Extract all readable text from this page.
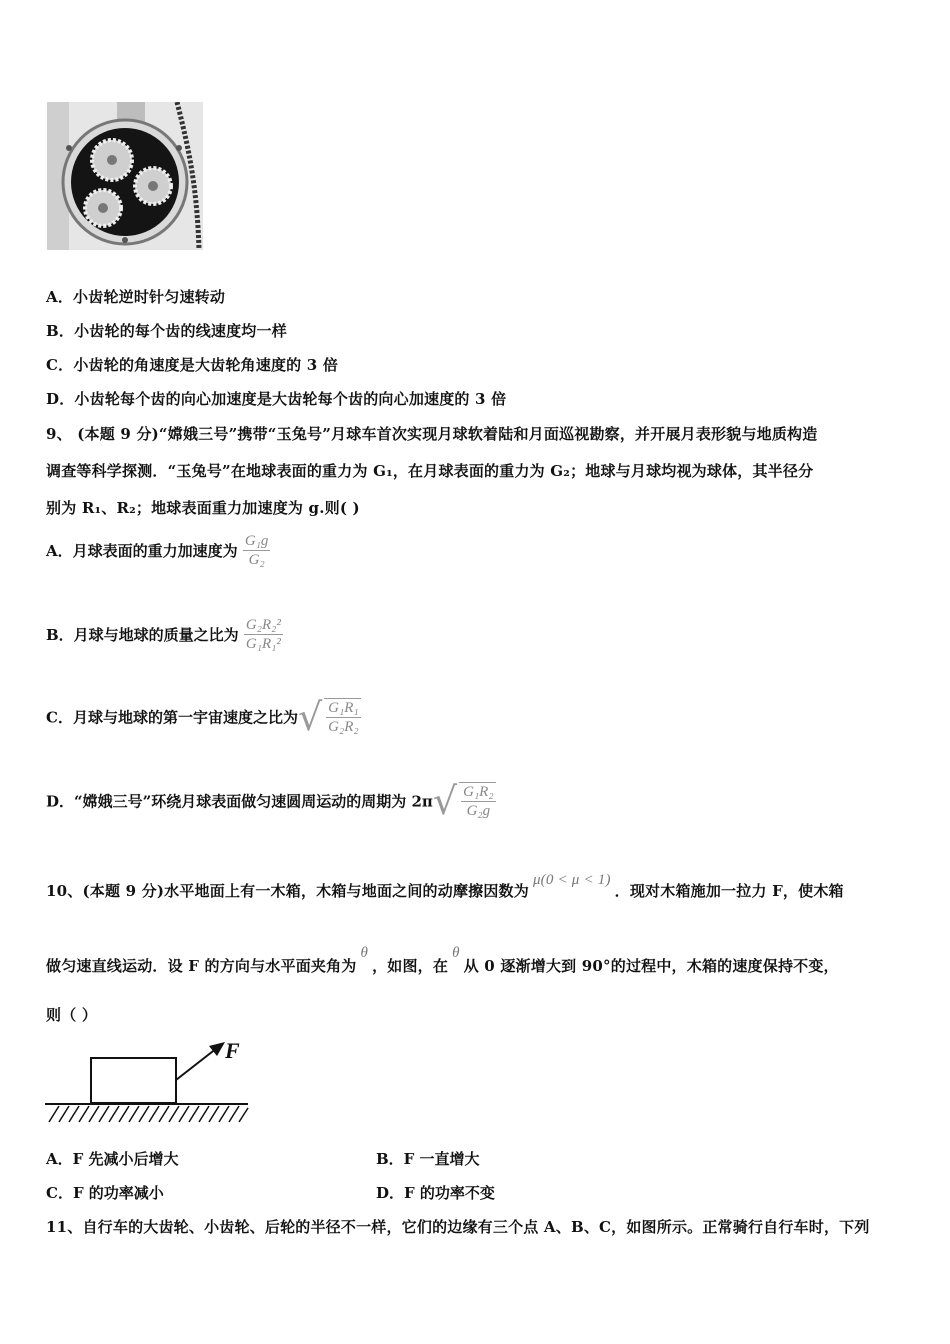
A．小齿轮逆时针匀速转动
B．小齿轮的每个齿的线速度均一样
C．小齿轮的角速度是大齿轮角速度的 3 倍
D．小齿轮每个齿的向心加速度是大齿轮每个齿的向心加速度的 3 倍
9、 (本题 9 分)“嫦娥三号”携带“玉兔号”月球车首次实现月球软着陆和月面巡视勘察，并开展月表形貌与地质构造
调查等科学探测．“玉兔号”在地球表面的重力为 G₁，在月球表面的重力为 G₂；地球与月球均视为球体，其半径分
别为 R₁、R₂；地球表面重力加速度为 g.则( )
A．月球表面的重力加速度为 $\frac{\text{G₁g}}{\text{G₂}}$
B．月球与地球的质量之比为 $\frac{\text{G₂R₂²}}{\text{G₁R₁²}}$
C．月球与地球的第一宇宙速度之比为√ $\frac{\text{G₁R₁}}{\text{G₂R₂}}$
D．“嫦娥三号”环绕月球表面做匀速圆周运动的周期为 $2\pi√ \frac{\text{G₁R₂}}{\text{G₂g}}$
10、(本题 9 分)水平地面上有一木箱，木箱与地面之间的动摩擦因数为μ(0 < μ < 1)．现对木箱施加一拉力 F，使木箱
做匀速直线运动．设 F 的方向与水平面夹角为θ，如图，在θ从 0 逐渐增大到 90°的过程中，木箱的速度保持不变，
则（ ）
F
A．F 先减小后增大	B．F 一直增大
C．F 的功率减小	D．F 的功率不变
11、自行车的大齿轮、小齿轮、后轮的半径不一样，它们的边缘有三个点 A、B、C，如图所示。正常骑行自行车时，下列
